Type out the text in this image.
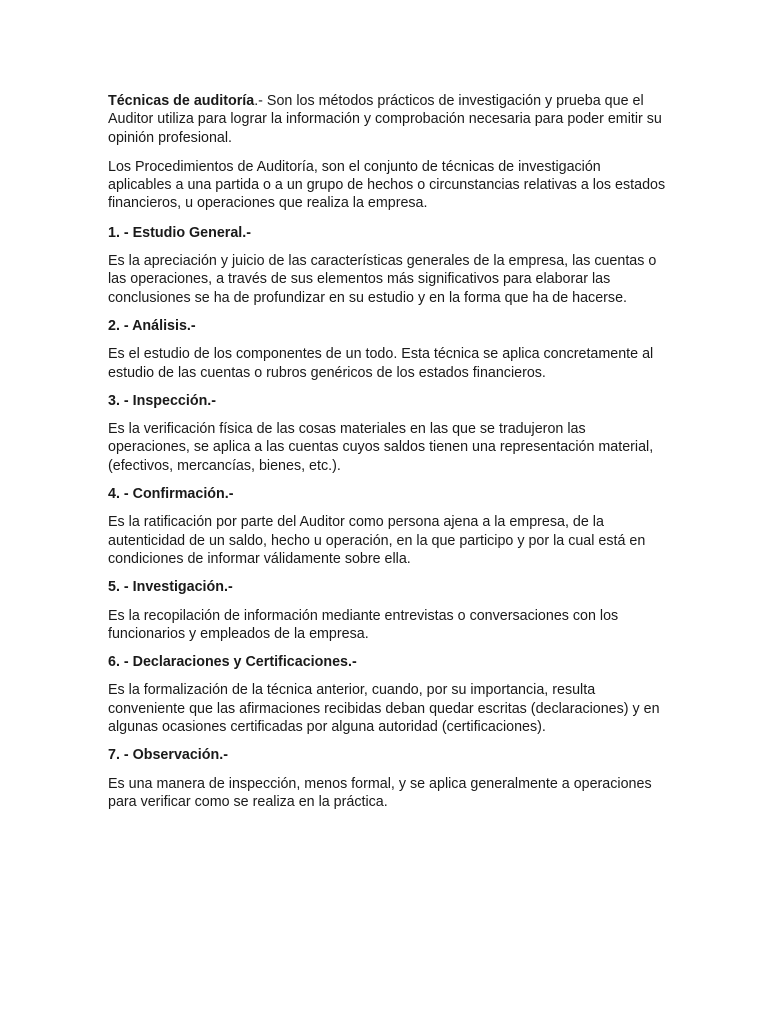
Técnicas de auditoría.- Son los métodos prácticos de investigación y prueba que el Auditor utiliza para lograr la información y comprobación necesaria para poder emitir su opinión profesional.

Los Procedimientos de Auditoría, son el conjunto de técnicas de investigación aplicables a una partida o a un grupo de hechos o circunstancias relativas a los estados financieros, u operaciones que realiza la empresa.

1. - Estudio General.-

Es la apreciación y juicio de las características generales de la empresa, las cuentas o las operaciones, a través de sus elementos más significativos para elaborar las conclusiones se ha de profundizar en su estudio y en la forma que ha de hacerse.

2. - Análisis.-

Es el estudio de los componentes de un todo. Esta técnica se aplica concretamente al estudio de las cuentas o rubros genéricos de los estados financieros.

3. - Inspección.-

Es la verificación física de las cosas materiales en las que se tradujeron las operaciones, se aplica a las cuentas cuyos saldos tienen una representación material, (efectivos, mercancías, bienes, etc.).

4. - Confirmación.-

Es la ratificación por parte del Auditor como persona ajena a la empresa, de la autenticidad de un saldo, hecho u operación, en la que participo y por la cual está en condiciones de informar válidamente sobre ella.

5. - Investigación.-

Es la recopilación de información mediante entrevistas o conversaciones con los funcionarios y empleados de la empresa.

6. - Declaraciones y Certificaciones.-

Es la formalización de la técnica anterior, cuando, por su importancia, resulta conveniente que las afirmaciones recibidas deban quedar escritas (declaraciones) y en algunas ocasiones certificadas por alguna autoridad (certificaciones).

7. - Observación.-

Es una manera de inspección, menos formal, y se aplica generalmente a operaciones para verificar como se realiza en la práctica.
